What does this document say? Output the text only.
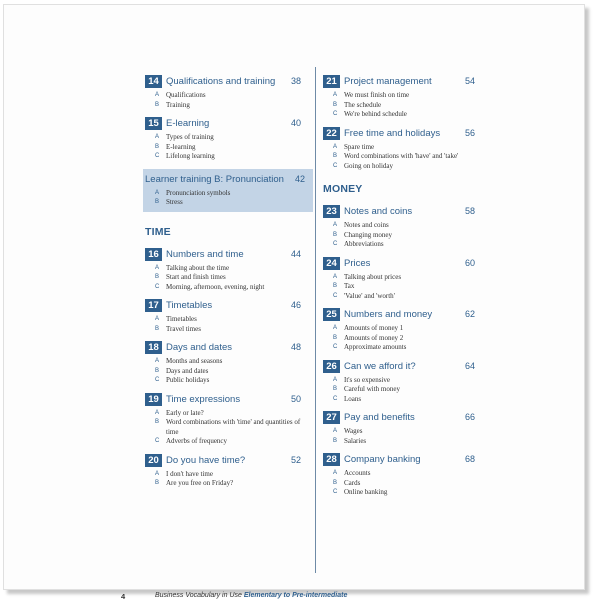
14 Qualifications and training 38
A Qualifications
B Training
15 E-learning	40
A Types of training
B E-learning
C Lifelong learning
Learner training B: Pronunciation 42
A Pronunciation symbols
B Stress
TIME
16 Numbers and time	44
A Talking about the time
B Start and finish times
C Morning, afternoon, evening, night
17 Timetables	46
A Timetables
B Travel times
18 Days and dates	48
A Months and seasons
B Days and dates
C Public holidays
19 Time expressions	50
A Early or late?
B Word combinations with 'time' and quantities of time
C Adverbs of frequency
20 Do you have time?	52
A I don't have time
B Are you free on Friday?
21 Project management	54
A We must finish on time
B The schedule
C We're behind schedule
22 Free time and holidays	56
A Spare time
B Word combinations with 'have' and 'take'
C Going on holiday
MONEY
23 Notes and coins	58
A Notes and coins
B Changing money
C Abbreviations
24 Prices	60
A Talking about prices
B Tax
C 'Value' and 'worth'
25 Numbers and money	62
A Amounts of money 1
B Amounts of money 2
C Approximate amounts
26 Can we afford it?	64
A It's so expensive
B Careful with money
C Loans
27 Pay and benefits	66
A Wages
B Salaries
28 Company banking	68
A Accounts
B Cards
C Online banking
4	Business Vocabulary in Use Elementary to Pre-intermediate
